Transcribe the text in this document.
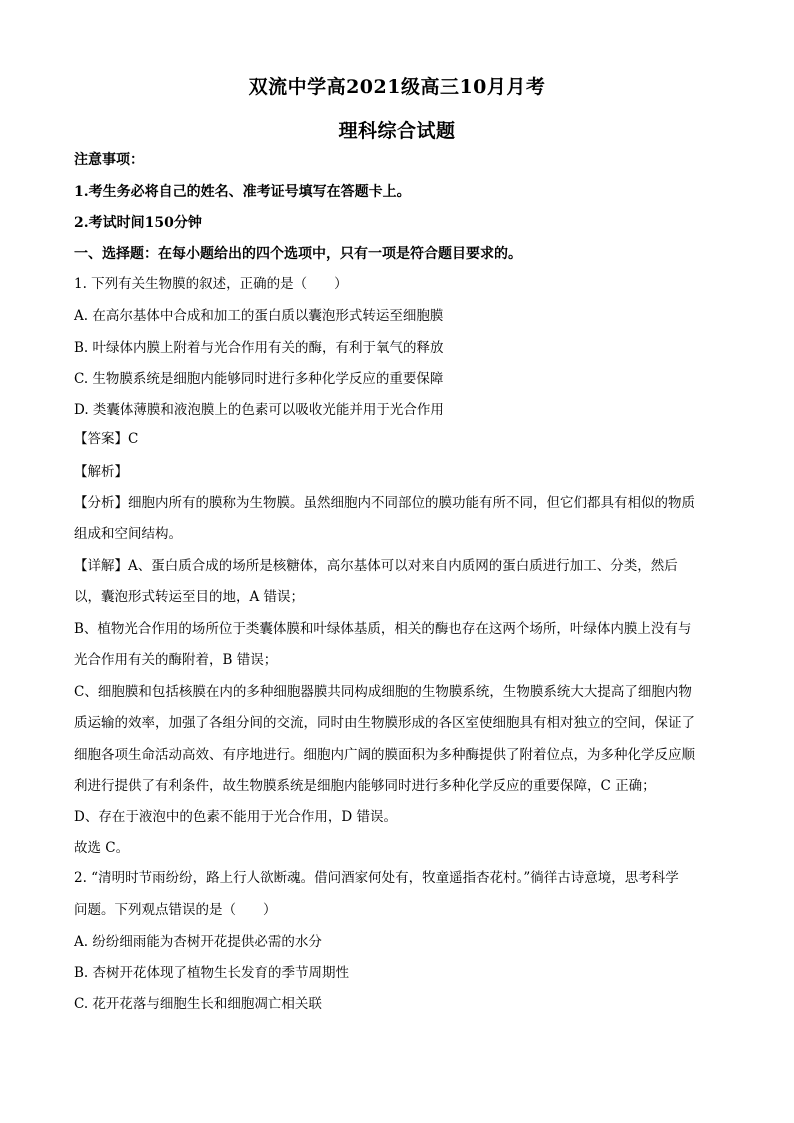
双流中学高2021级高三10月月考
理科综合试题
注意事项：
1.考生务必将自己的姓名、准考证号填写在答题卡上。
2.考试时间150分钟
一、选择题：在每小题给出的四个选项中，只有一项是符合题目要求的。
1. 下列有关生物膜的叙述，正确的是（　　）
A. 在高尔基体中合成和加工的蛋白质以囊泡形式转运至细胞膜
B. 叶绿体内膜上附着与光合作用有关的酶，有利于氧气的释放
C. 生物膜系统是细胞内能够同时进行多种化学反应的重要保障
D. 类囊体薄膜和液泡膜上的色素可以吸收光能并用于光合作用
【答案】C
【解析】
【分析】细胞内所有的膜称为生物膜。虽然细胞内不同部位的膜功能有所不同，但它们都具有相似的物质
组成和空间结构。
【详解】A、蛋白质合成的场所是核糖体，高尔基体可以对来自内质网的蛋白质进行加工、分类，然后
以，囊泡形式转运至目的地，A 错误；
B、植物光合作用的场所位于类囊体膜和叶绿体基质，相关的酶也存在这两个场所，叶绿体内膜上没有与
光合作用有关的酶附着，B 错误；
C、细胞膜和包括核膜在内的多种细胞器膜共同构成细胞的生物膜系统，生物膜系统大大提高了细胞内物
质运输的效率，加强了各组分间的交流，同时由生物膜形成的各区室使细胞具有相对独立的空间，保证了
细胞各项生命活动高效、有序地进行。细胞内广阔的膜面积为多种酶提供了附着位点，为多种化学反应顺
利进行提供了有利条件，故生物膜系统是细胞内能够同时进行多种化学反应的重要保障，C 正确；
D、存在于液泡中的色素不能用于光合作用，D 错误。
故选 C。
2. “清明时节雨纷纷，路上行人欲断魂。借问酒家何处有，牧童遥指杏花村。”徜徉古诗意境，思考科学
问题。下列观点错误的是（　　）
A. 纷纷细雨能为杏树开花提供必需的水分
B. 杏树开花体现了植物生长发育的季节周期性
C. 花开花落与细胞生长和细胞凋亡相关联
